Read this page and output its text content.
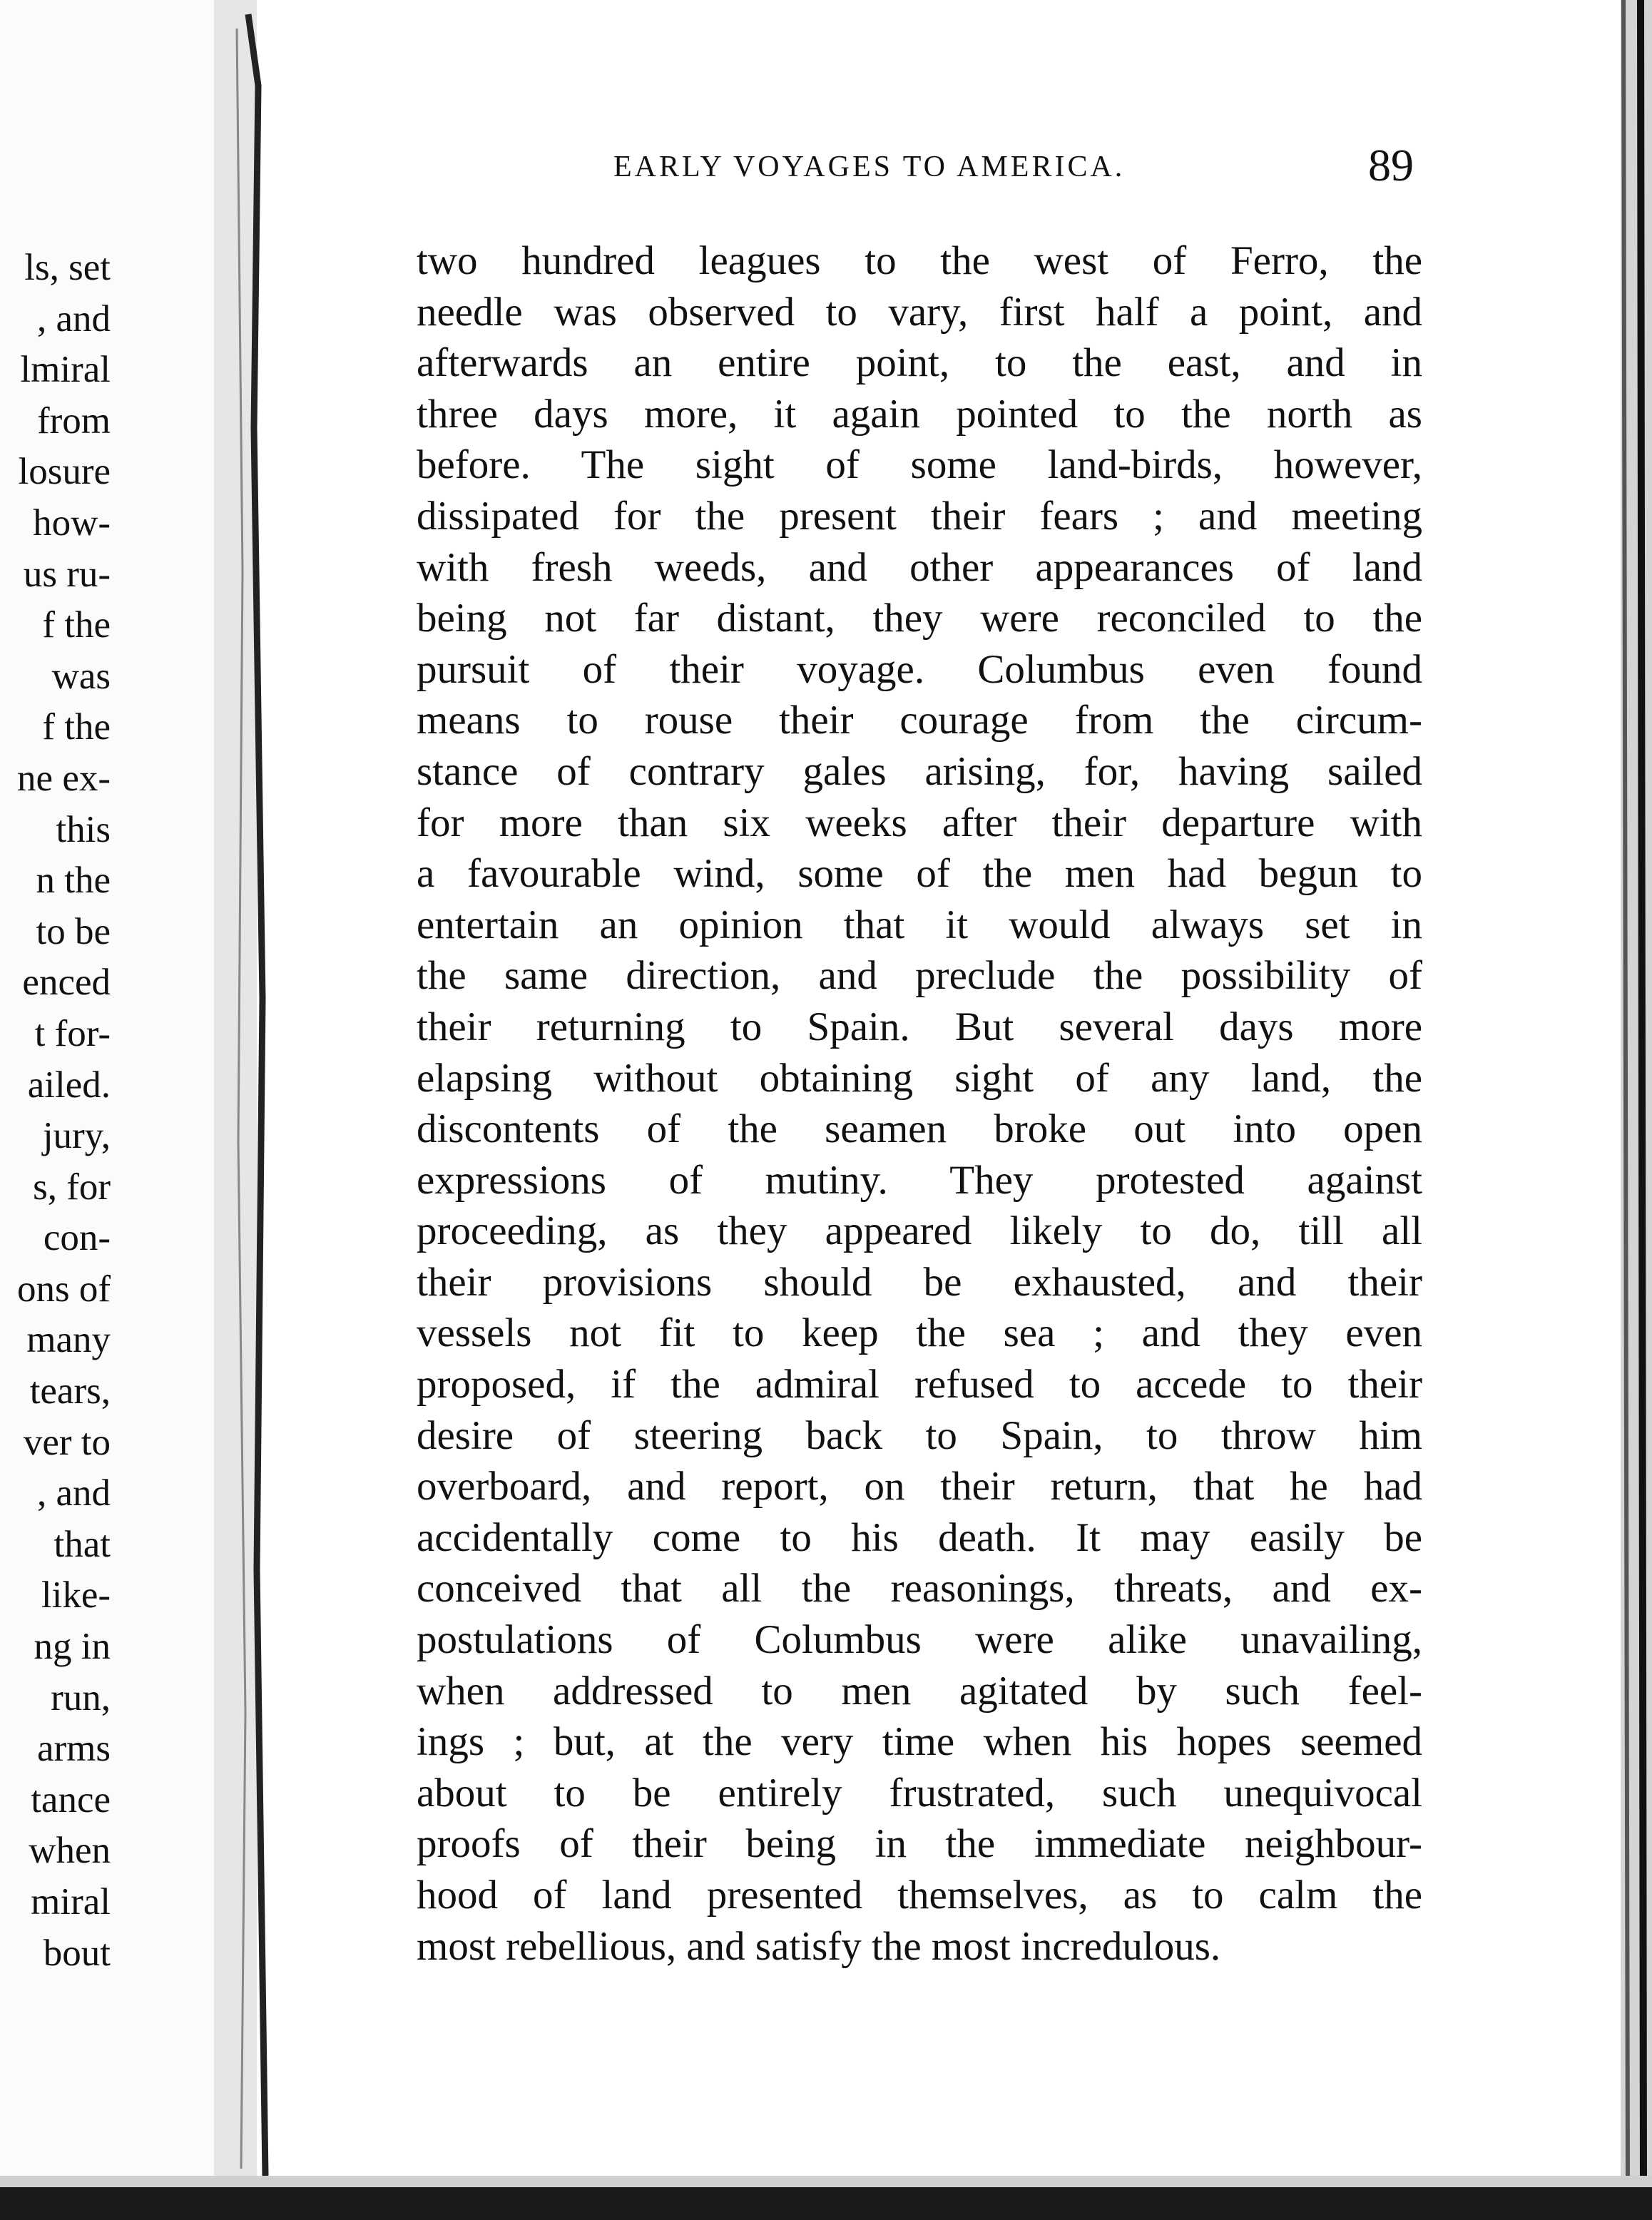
ls, set
, and
lmiral
from
losure
how-
us ru-
f the
was
f the
ne ex-
this
n the
to be
enced
t for-
ailed.
jury,
s, for
con-
ons of
many
tears,
ver to
, and
that
like-
ng in
run,
arms
tance
when
miral
bout
EARLY VOYAGES TO AMERICA.	89
two hundred leagues to the west of Ferro, the
needle was observed to vary, first half a point, and
afterwards an entire point, to the east, and in
three days more, it again pointed to the north as
before. The sight of some land-birds, however,
dissipated for the present their fears ; and meeting
with fresh weeds, and other appearances of land
being not far distant, they were reconciled to the
pursuit of their voyage. Columbus even found
means to rouse their courage from the circum-
stance of contrary gales arising, for, having sailed
for more than six weeks after their departure with
a favourable wind, some of the men had begun to
entertain an opinion that it would always set in
the same direction, and preclude the possibility of
their returning to Spain. But several days more
elapsing without obtaining sight of any land, the
discontents of the seamen broke out into open
expressions of mutiny. They protested against
proceeding, as they appeared likely to do, till all
their provisions should be exhausted, and their
vessels not fit to keep the sea ; and they even
proposed, if the admiral refused to accede to their
desire of steering back to Spain, to throw him
overboard, and report, on their return, that he had
accidentally come to his death. It may easily be
conceived that all the reasonings, threats, and ex-
postulations of Columbus were alike unavailing,
when addressed to men agitated by such feel-
ings ; but, at the very time when his hopes seemed
about to be entirely frustrated, such unequivocal
proofs of their being in the immediate neighbour-
hood of land presented themselves, as to calm the
most rebellious, and satisfy the most incredulous.
